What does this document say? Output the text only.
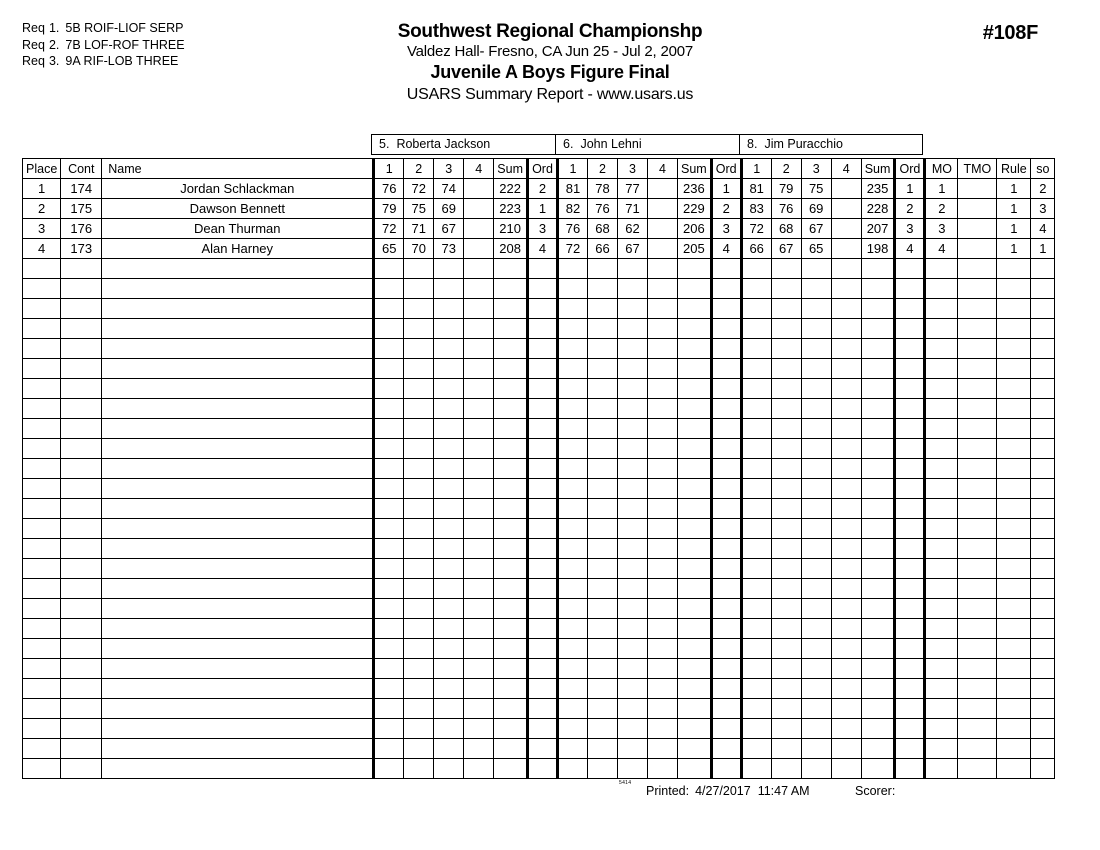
Req 1. 5B ROIF-LIOF SERP
Req 2. 7B LOF-ROF THREE
Req 3. 9A RIF-LOB THREE
Southwest Regional Championshp
Valdez Hall- Fresno, CA Jun 25 - Jul 2, 2007
Juvenile A Boys Figure Final
USARS Summary Report - www.usars.us
#108F
5. Roberta Jackson	6. John Lehni	8. Jim Puracchio
Place	Cont	Name	1	2	3	4	Sum	Ord	1	2	3	4	Sum	Ord	1	2	3	4	Sum	Ord	MO	TMO	Rule	so
1	174	Jordan Schlackman	76	72	74		222	2	81	78	77		236	1	81	79	75		235	1	1		1	2
2	175	Dawson Bennett	79	75	69		223	1	82	76	71		229	2	83	76	69		228	2	2		1	3
3	176	Dean Thurman	72	71	67		210	3	76	68	62		206	3	72	68	67		207	3	3		1	4
4	173	Alan Harney	65	70	73		208	4	72	66	67		205	4	66	67	65		198	4	4		1	1

5414
Printed: 4/27/2017 11:47 AM	Scorer:
